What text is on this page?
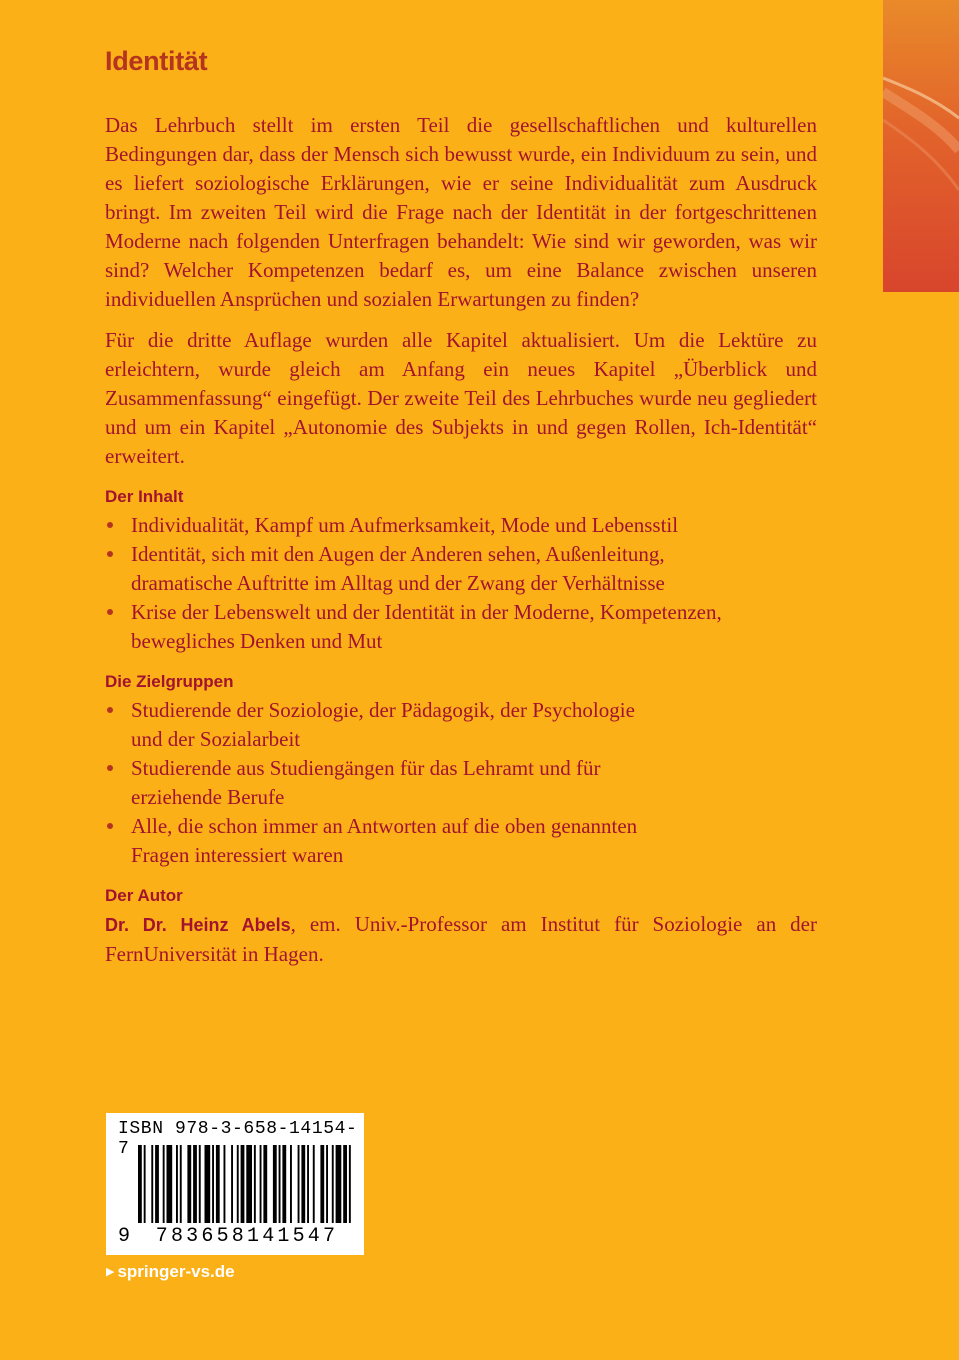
Identität

Das Lehrbuch stellt im ersten Teil die gesellschaftlichen und kulturellen Bedingungen dar, dass der Mensch sich bewusst wurde, ein Individuum zu sein, und es liefert soziologische Erklärungen, wie er seine Individualität zum Ausdruck bringt. Im zweiten Teil wird die Frage nach der Identität in der fortgeschrittenen Moderne nach folgenden Unterfragen behandelt: Wie sind wir geworden, was wir sind? Welcher Kompetenzen bedarf es, um eine Balance zwischen unseren individuellen Ansprüchen und sozialen Erwartungen zu finden?

Für die dritte Auflage wurden alle Kapitel aktualisiert. Um die Lektüre zu erleichtern, wurde gleich am Anfang ein neues Kapitel „Überblick und Zusammenfassung“ eingefügt. Der zweite Teil des Lehrbuches wurde neu gegliedert und um ein Kapitel „Autonomie des Subjekts in und gegen Rollen, Ich-Identität“ erweitert.

Der Inhalt
Individualität, Kampf um Aufmerksamkeit, Mode und Lebensstil
Identität, sich mit den Augen der Anderen sehen, Außenleitung,
dramatische Auftritte im Alltag und der Zwang der Verhältnisse
Krise der Lebenswelt und der Identität in der Moderne, Kompetenzen,
bewegliches Denken und Mut
Die Zielgruppen
Studierende der Soziologie, der Pädagogik, der Psychologie
und der Sozialarbeit
Studierende aus Studiengängen für das Lehramt und für
erziehende Berufe
Alle, die schon immer an Antworten auf die oben genannten
Fragen interessiert waren
Der Autor

Dr. Dr. Heinz Abels, em. Univ.-Professor am Institut für Soziologie an der FernUniversität in Hagen.

ISBN 978-3-658-14154-7
9	783658141547
▶ springer-vs.de
